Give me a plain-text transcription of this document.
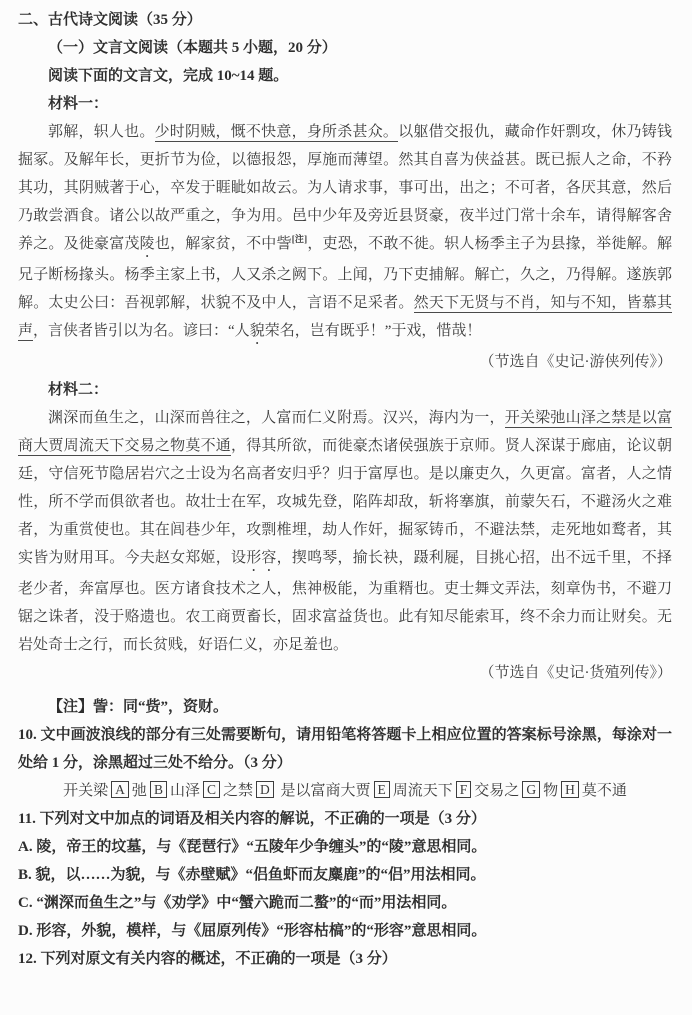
二、古代诗文阅读（35 分）

（一）文言文阅读（本题共 5 小题，20 分）

阅读下面的文言文，完成 10~14 题。

材料一：

郭解，轵人也。少时阴贼，慨不快意，身所杀甚众。以躯借交报仇，藏命作奸剽攻，休乃铸钱掘冢。及解年长，更折节为俭，以德报怨，厚施而薄望。然其自喜为侠益甚。既已振人之命，不矜其功，其阴贼著于心，卒发于睚眦如故云。为人请求事，事可出，出之；不可者，各厌其意，然后乃敢尝酒食。诸公以故严重之，争为用。邑中少年及旁近县贤豪，夜半过门常十余车，请得解客舍养之。及徙豪富茂陵也，解家贫，不中訾[注]，吏恐，不敢不徙。轵人杨季主子为县掾，举徙解。解兄子断杨掾头。杨季主家上书，人又杀之阙下。上闻，乃下吏捕解。解亡，久之，乃得解。遂族郭解。太史公曰：吾视郭解，状貌不及中人，言语不足采者。然天下无贤与不肖，知与不知，皆慕其声，言侠者皆引以为名。谚曰：“人貌荣名，岂有既乎！”于戏，惜哉！

（节选自《史记·游侠列传》）

材料二：

渊深而鱼生之，山深而兽往之，人富而仁义附焉。汉兴，海内为一，开关梁弛山泽之禁是以富商大贾周流天下交易之物莫不通，得其所欲，而徙豪杰诸侯强族于京师。贤人深谋于廊庙，论议朝廷，守信死节隐居岩穴之士设为名高者安归乎？归于富厚也。是以廉吏久，久更富。富者，人之情性，所不学而俱欲者也。故壮士在军，攻城先登，陷阵却敌，斩将搴旗，前蒙矢石，不避汤火之难者，为重赏使也。其在闾巷少年，攻剽椎埋，劫人作奸，掘冢铸币，不避法禁，走死地如鹜者，其实皆为财用耳。今夫赵女郑姬，设形容，揳鸣琴，揄长袂，蹑利屣，目挑心招，出不远千里，不择老少者，奔富厚也。医方诸食技术之人，焦神极能，为重糈也。吏士舞文弄法，刻章伪书，不避刀锯之诛者，没于赂遗也。农工商贾畜长，固求富益货也。此有知尽能索耳，终不余力而让财矣。无岩处奇士之行，而长贫贱，好语仁义，亦足羞也。

（节选自《史记·货殖列传》）

【注】訾：同“赀”，资财。

10. 文中画波浪线的部分有三处需要断句，请用铅笔将答题卡上相应位置的答案标号涂黑，每涂对一处给 1 分，涂黑超过三处不给分。（3 分）

开关梁 A 弛 B 山泽 C 之禁 D 是以富商大贾 E 周流天下 F 交易之 G 物 H 莫不通

11. 下列对文中加点的词语及相关内容的解说，不正确的一项是（3 分）

A. 陵，帝王的坟墓，与《琵琶行》“五陵年少争缠头”的“陵”意思相同。

B. 貌，以……为貌，与《赤壁赋》“侣鱼虾而友麋鹿”的“侣”用法相同。

C. “渊深而鱼生之”与《劝学》中“蟹六跪而二螯”的“而”用法相同。

D. 形容，外貌，模样，与《屈原列传》“形容枯槁”的“形容”意思相同。

12. 下列对原文有关内容的概述，不正确的一项是（3 分）
